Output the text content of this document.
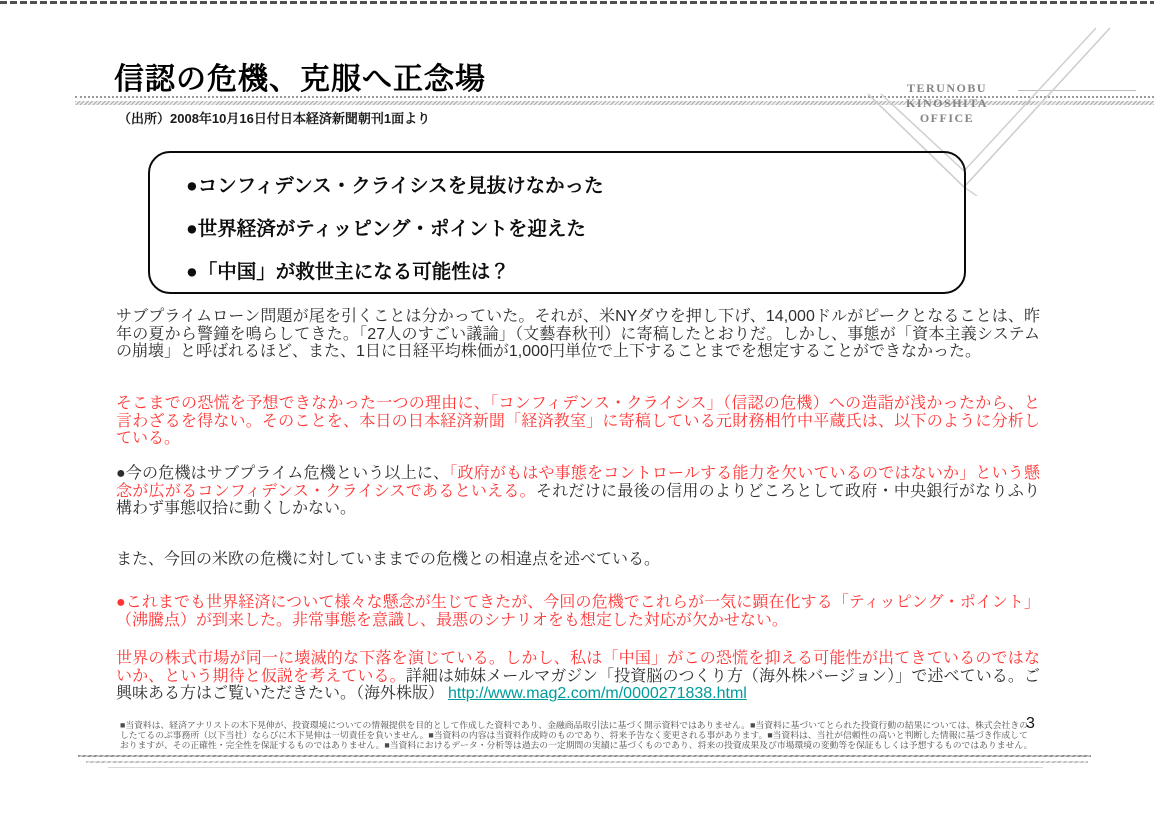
信認の危機、克服へ正念場
（出所）2008年10月16日付日本経済新聞朝刊1面より
TERUNOBU
KINOSHITA
OFFICE
●コンフィデンス・クライシスを見抜けなかった
●世界経済がティッピング・ポイントを迎えた
●「中国」が救世主になる可能性は？
サブプライムローン問題が尾を引くことは分かっていた。それが、米NYダウを押し下げ、14,000ドルがピークとなることは、昨年の夏から警鐘を鳴らしてきた。「27人のすごい議論」（文藝春秋刊）に寄稿したとおりだ。しかし、事態が「資本主義システムの崩壊」と呼ばれるほど、また、1日に日経平均株価が1,000円単位で上下することまでを想定することができなかった。
そこまでの恐慌を予想できなかった一つの理由に、「コンフィデンス・クライシス」（信認の危機）への造詣が浅かったから、と言わざるを得ない。そのことを、本日の日本経済新聞「経済教室」に寄稿している元財務相竹中平蔵氏は、以下のように分析している。
●今の危機はサブプライム危機という以上に、「政府がもはや事態をコントロールする能力を欠いているのではないか」という懸念が広がるコンフィデンス・クライシスであるといえる。それだけに最後の信用のよりどころとして政府・中央銀行がなりふり構わず事態収拾に動くしかない。
また、今回の米欧の危機に対していままでの危機との相違点を述べている。
●これまでも世界経済について様々な懸念が生じてきたが、今回の危機でこれらが一気に顕在化する「ティッピング・ポイント」（沸騰点）が到来した。非常事態を意識し、最悪のシナリオをも想定した対応が欠かせない。
世界の株式市場が同一に壊滅的な下落を演じている。しかし、私は「中国」がこの恐慌を抑える可能性が出てきているのではないか、という期待と仮説を考えている。詳細は姉妹メールマガジン「投資脳のつくり方（海外株バージョン）」で述べている。ご興味ある方はご覧いただきたい。（海外株版） http://www.mag2.com/m/0000271838.html
■当資料は、経済アナリストの木下晃伸が、投資環境についての情報提供を目的として作成した資料であり、金融商品取引法に基づく開示資料ではありません。■当資料に基づいてとられた投資行動の結果については、株式会社きの
したてるのぶ事務所（以下当社）ならびに木下晃伸は一切責任を負いません。■当資料の内容は当資料作成時のものであり、将来予告なく変更される事があります。■当資料は、当社が信頼性の高いと判断した情報に基づき作成して
おりますが、その正確性・完全性を保証するものではありません。■当資料におけるデータ・分析等は過去の一定期間の実績に基づくものであり、将来の投資成果及び市場環境の変動等を保証もしくは予想するものではありません。
3
